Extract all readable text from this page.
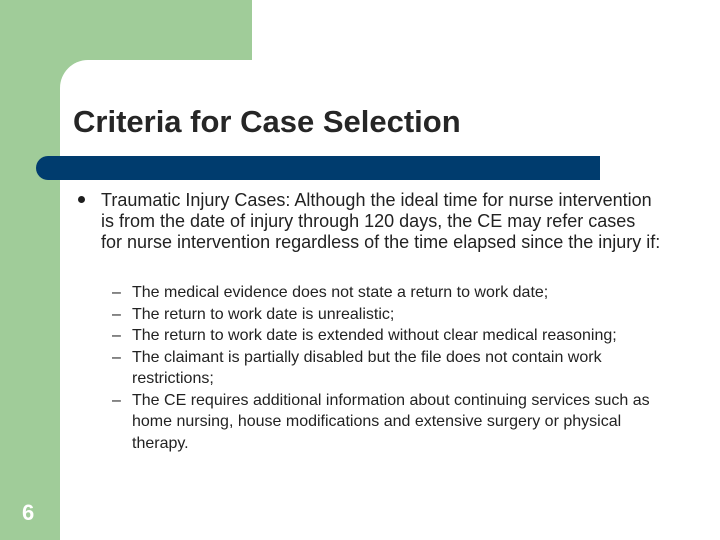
Criteria for Case Selection

Traumatic Injury Cases: Although the ideal time for nurse intervention is from the date of injury through 120 days, the CE may refer cases for nurse intervention regardless of the time elapsed since the injury if:

– The medical evidence does not state a return to work date;
– The return to work date is unrealistic;
– The return to work date is extended without clear medical reasoning;
– The claimant is partially disabled but the file does not contain work restrictions;
– The CE requires additional information about continuing services such as home nursing, house modifications and extensive surgery or physical therapy.
6
